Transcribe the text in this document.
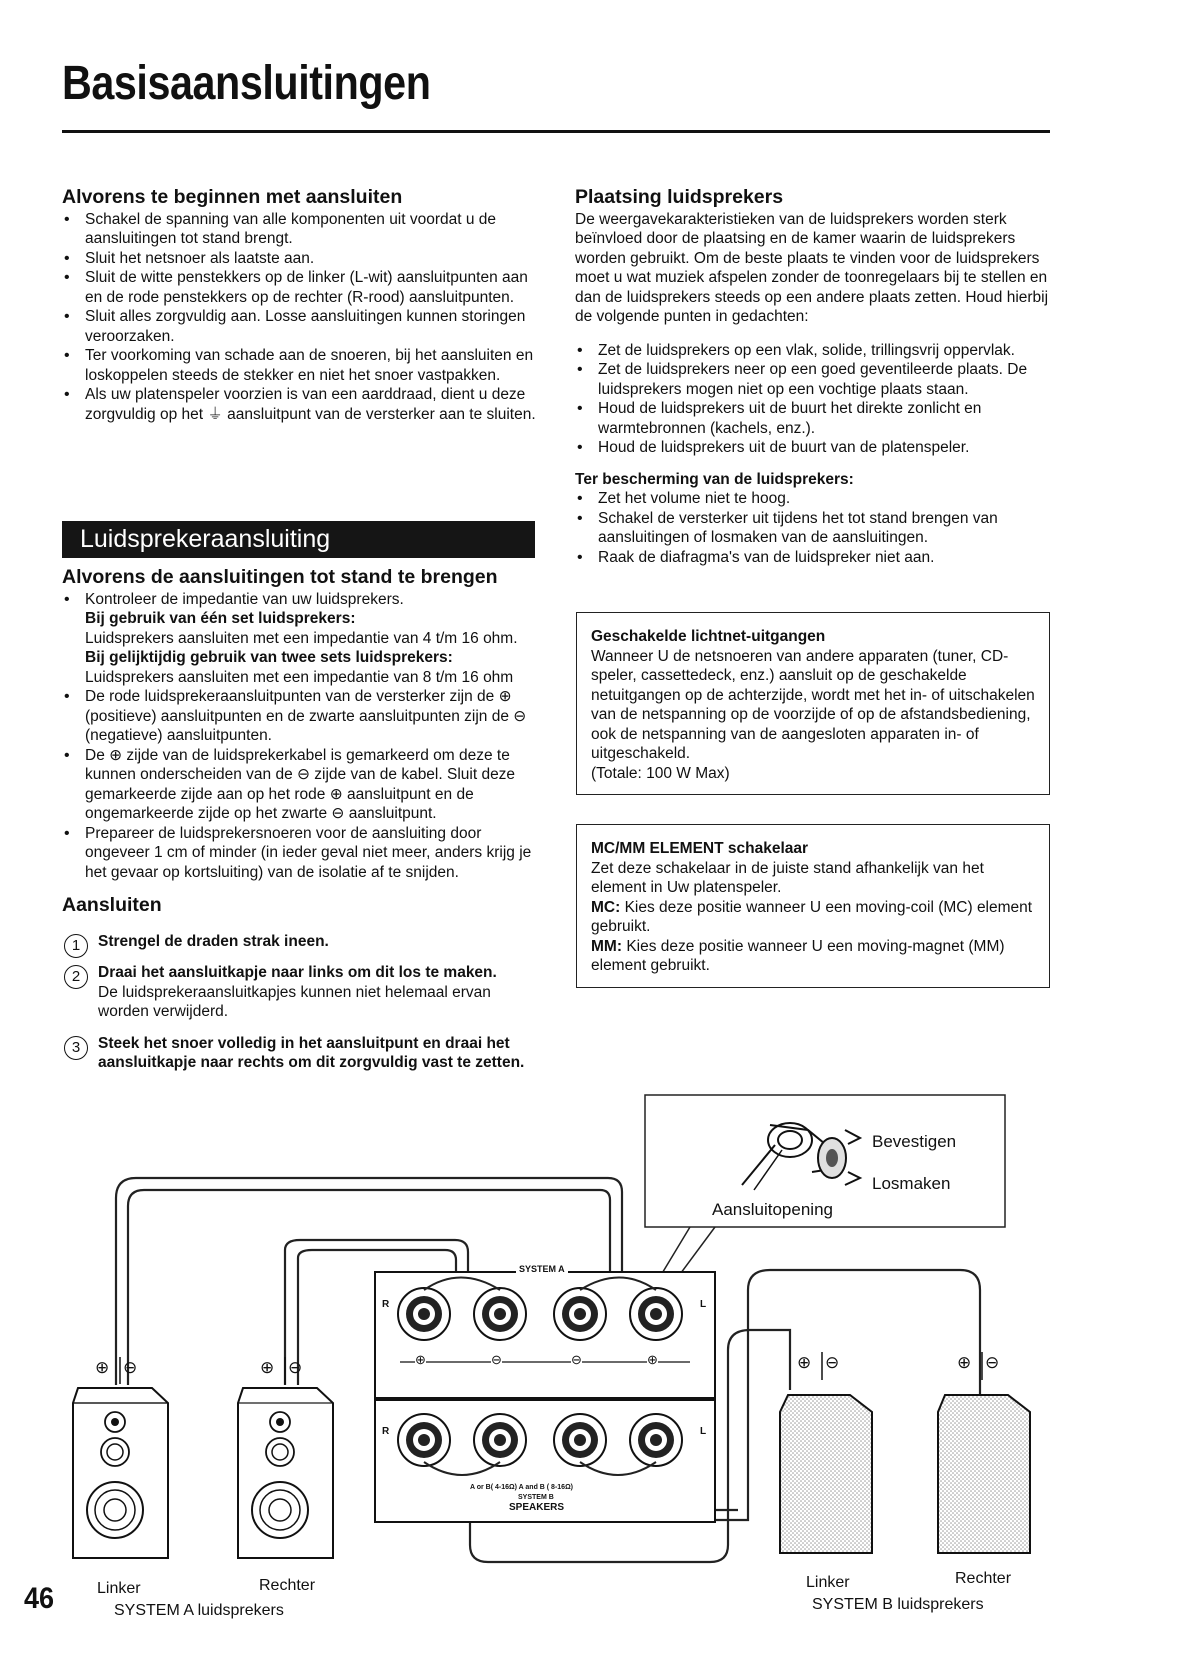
Basisaansluitingen
Alvorens te beginnen met aansluiten
• Schakel de spanning van alle komponenten uit voordat u de aansluitingen tot stand brengt.
• Sluit het netsnoer als laatste aan.
• Sluit de witte penstekkers op de linker (L-wit) aansluitpunten aan en de rode penstekkers op de rechter (R-rood) aansluitpunten.
• Sluit alles zorgvuldig aan. Losse aansluitingen kunnen storingen veroorzaken.
• Ter voorkoming van schade aan de snoeren, bij het aansluiten en loskoppelen steeds de stekker en niet het snoer vastpakken.
• Als uw platenspeler voorzien is van een aarddraad, dient u deze zorgvuldig op het ⏚ aansluitpunt van de versterker aan te sluiten.
Luidsprekeraansluiting
Alvorens de aansluitingen tot stand te brengen
• Kontroleer de impedantie van uw luidsprekers.
Bij gebruik van één set luidsprekers:
Luidsprekers aansluiten met een impedantie van 4 t/m 16 ohm.
Bij gelijktijdig gebruik van twee sets luidsprekers:
Luidsprekers aansluiten met een impedantie van 8 t/m 16 ohm
• De rode luidsprekeraansluitpunten van de versterker zijn de ⊕ (positieve) aansluitpunten en de zwarte aansluitpunten zijn de ⊖ (negatieve) aansluitpunten.
• De ⊕ zijde van de luidsprekerkabel is gemarkeerd om deze te kunnen onderscheiden van de ⊖ zijde van de kabel. Sluit deze gemarkeerde zijde aan op het rode ⊕ aansluitpunt en de ongemarkeerde zijde op het zwarte ⊖ aansluitpunt.
• Prepareer de luidsprekersnoeren voor de aansluiting door ongeveer 1 cm of minder (in ieder geval niet meer, anders krijg je het gevaar op kortsluiting) van de isolatie af te snijden.
Aansluiten
1	Strengel de draden strak ineen.
2	Draai het aansluitkapje naar links om dit los te maken.
De luidsprekeraansluitkapjes kunnen niet helemaal ervan worden verwijderd.
3	Steek het snoer volledig in het aansluitpunt en draai het aansluitkapje naar rechts om dit zorgvuldig vast te zetten.
Plaatsing luidsprekers
De weergavekarakteristieken van de luidsprekers worden sterk beïnvloed door de plaatsing en de kamer waarin de luidsprekers worden gebruikt. Om de beste plaats te vinden voor de luidsprekers moet u wat muziek afspelen zonder de toonregelaars bij te stellen en dan de luidsprekers steeds op een andere plaats zetten. Houd hierbij de volgende punten in gedachten:
• Zet de luidsprekers op een vlak, solide, trillingsvrij oppervlak.
• Zet de luidsprekers neer op een goed geventileerde plaats. De luidsprekers mogen niet op een vochtige plaats staan.
• Houd de luidsprekers uit de buurt het direkte zonlicht en warmtebronnen (kachels, enz.).
• Houd de luidsprekers uit de buurt van de platenspeler.
Ter bescherming van de luidsprekers:
• Zet het volume niet te hoog.
• Schakel de versterker uit tijdens het tot stand brengen van aansluitingen of losmaken van de aansluitingen.
• Raak de diafragma's van de luidspreker niet aan.
Geschakelde lichtnet-uitgangen
Wanneer U de netsnoeren van andere apparaten (tuner, CD-speler, cassettedeck, enz.) aansluit op de geschakelde netuitgangen op de achterzijde, wordt met het in- of uitschakelen van de netspanning op de voorzijde of op de afstandsbediening, ook de netspanning van de aangesloten apparaten in- of uitgeschakeld.
(Totale: 100 W Max)
MC/MM ELEMENT schakelaar
Zet deze schakelaar in de juiste stand afhankelijk van het element in Uw platenspeler.
MC: Kies deze positie wanneer U een moving-coil (MC) element gebruikt.
MM: Kies deze positie wanneer U een moving-magnet (MM) element gebruikt.
Bevestigen
Losmaken
Aansluitopening
SYSTEM A
R	L
R	L
⊕	⊖	⊖	⊕
A or B( 4-16Ω) A and B ( 8-16Ω)
SYSTEM B
SPEAKERS
⊕ ⊖	⊕ ⊖	⊕ ⊖	⊕ ⊖
Linker	Rechter
SYSTEM A luidsprekers
Linker	Rechter
SYSTEM B luidsprekers
46
